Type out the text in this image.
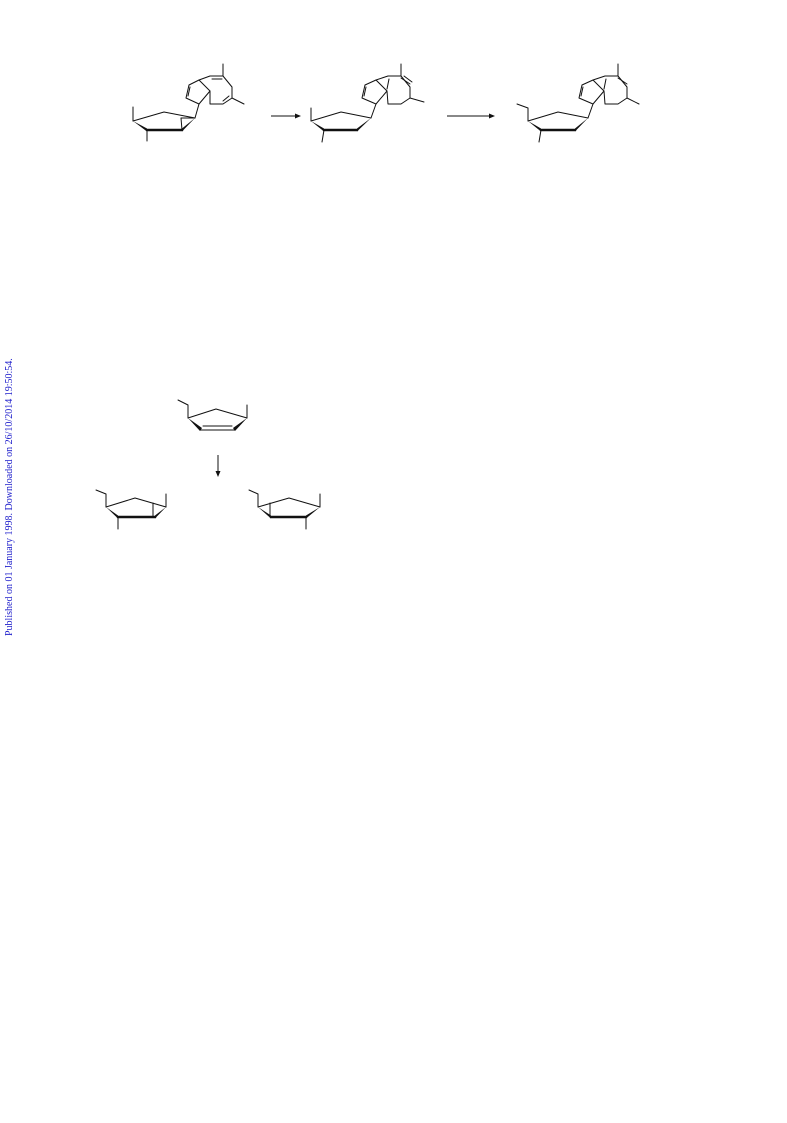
Published on 01 January 1998. Downloaded on 26/10/2014 19:50:54.
